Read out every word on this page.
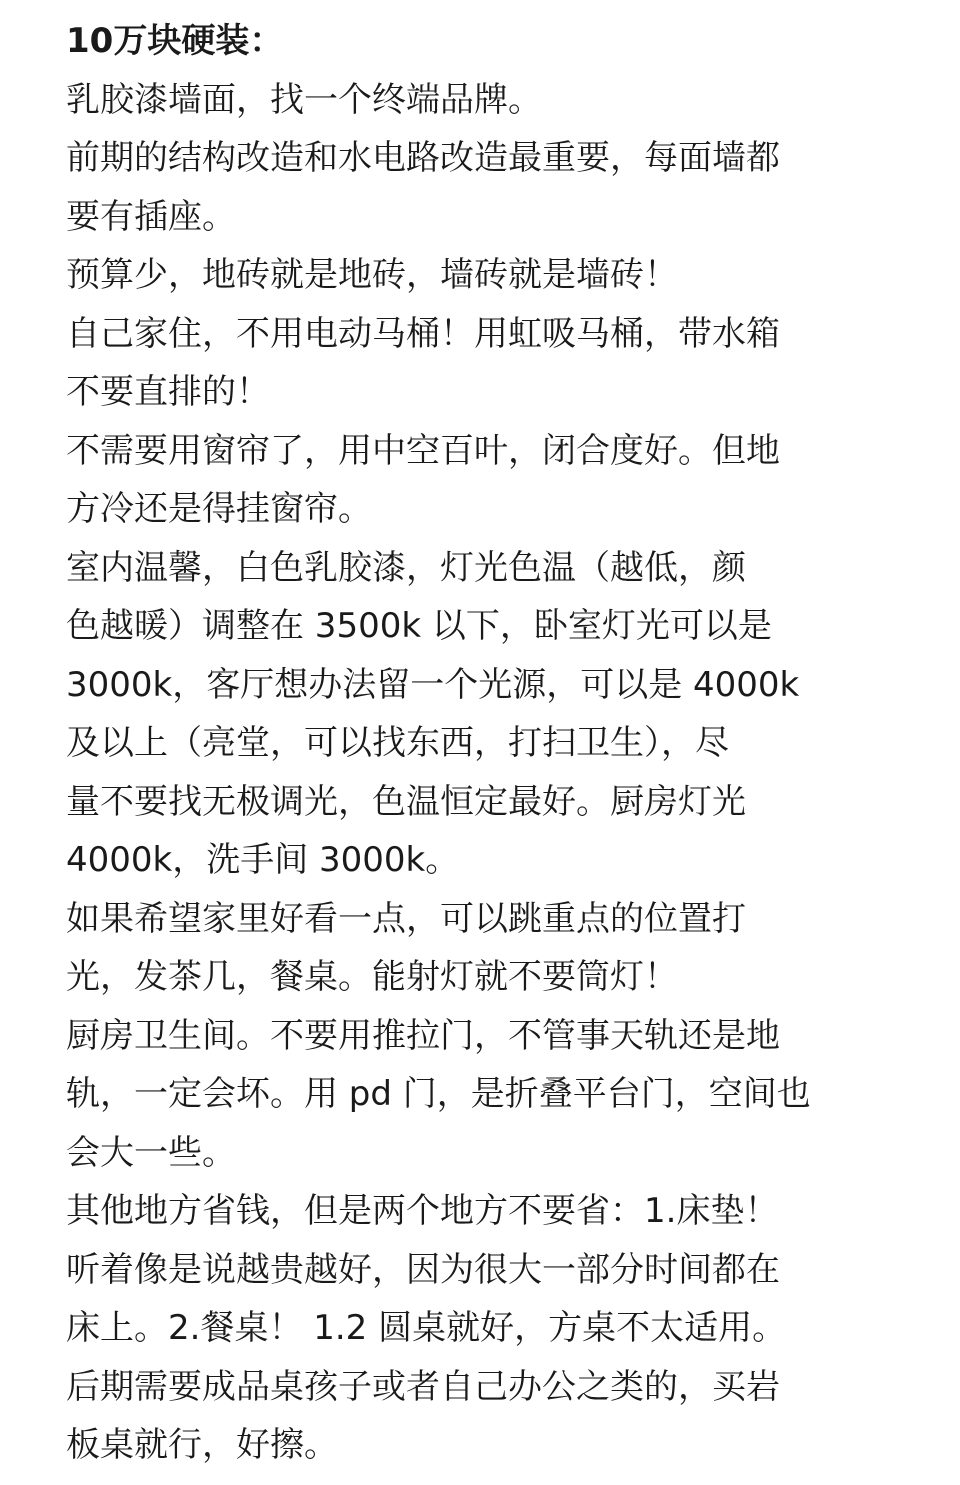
10万块硬装：
乳胶漆墙面，找一个终端品牌。
前期的结构改造和水电路改造最重要，每面墙都
要有插座。
预算少，地砖就是地砖，墙砖就是墙砖！
自己家住，不用电动马桶！用虹吸马桶，带水箱
不要直排的！
不需要用窗帘了，用中空百叶，闭合度好。但地
方冷还是得挂窗帘。
室内温馨，白色乳胶漆，灯光色温（越低，颜
色越暖）调整在 3500k 以下，卧室灯光可以是
3000k，客厅想办法留一个光源，可以是 4000k
及以上（亮堂，可以找东西，打扫卫生），尽
量不要找无极调光，色温恒定最好。厨房灯光
4000k，洗手间 3000k。
如果希望家里好看一点，可以跳重点的位置打
光，发茶几，餐桌。能射灯就不要筒灯！
厨房卫生间。不要用推拉门，不管事天轨还是地
轨，一定会坏。用 pd 门，是折叠平台门，空间也
会大一些。
其他地方省钱，但是两个地方不要省：1.床垫！
听着像是说越贵越好，因为很大一部分时间都在
床上。2.餐桌！ 1.2 圆桌就好，方桌不太适用。
后期需要成品桌孩子或者自己办公之类的，买岩
板桌就行，好擦。
